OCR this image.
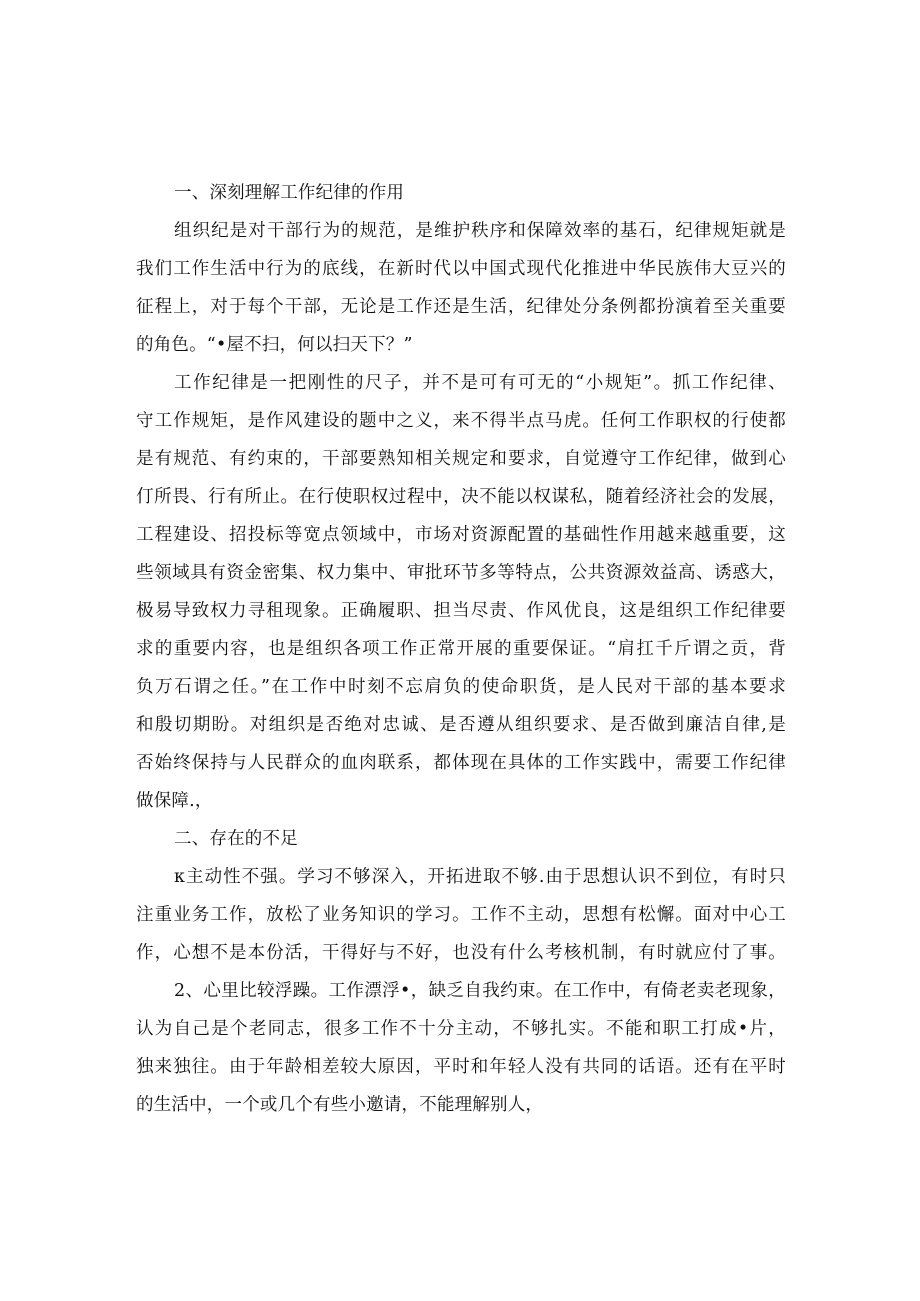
一、深刻理解工作纪律的作用
组织纪是对干部行为的规范，是维护秩序和保障效率的基石，纪律规矩就是
我们工作生活中行为的底线，在新时代以中国式现代化推进中华民族伟大豆兴的
征程上，对于每个干部，无论是工作还是生活，纪律处分条例都扮演着至关重要
的角色。“•屋不扫，何以扫天下？”
工作纪律是一把刚性的尺子，并不是可有可无的“小规矩”。抓工作纪律、
守工作规矩，是作风建设的题中之义，来不得半点马虎。任何工作职权的行使都
是有规范、有约束的，干部要熟知相关规定和要求，自觉遵守工作纪律，做到心
仃所畏、行有所止。在行使职权过程中，决不能以权谋私，随着经济社会的发展，
工程建设、招投标等宽点领域中，市场对资源配置的基础性作用越来越重要，这
些领域具有资金密集、权力集中、审批环节多等特点，公共资源效益高、诱惑大，
极易导致权力寻租现象。正确履职、担当尽责、作风优良，这是组织工作纪律要
求的重要内容，也是组织各项工作正常开展的重要保证。“肩扛千斤谓之贡，背
负万石谓之任。”在工作中时刻不忘肩负的使命职货，是人民对干部的基本要求
和殷切期盼。对组织是否绝对忠诚、是否遵从组织要求、是否做到廉洁自律,是
否始终保持与人民群众的血肉联系，都体现在具体的工作实践中，需要工作纪律
做保障.，
二、存在的不足
κ主动性不强。学习不够深入，开拓进取不够.由于思想认识不到位，有时只
注重业务工作，放松了业务知识的学习。工作不主动，思想有松懈。面对中心工
作，心想不是本份活，干得好与不好，也没有什么考核机制，有时就应付了事。
2、心里比较浮躁。工作漂浮•，缺乏自我约束。在工作中，有倚老卖老现象，
认为自己是个老同志，很多工作不十分主动，不够扎实。不能和职工打成•片，
独来独往。由于年龄相差较大原因，平时和年轻人没有共同的话语。还有在平时
的生活中，一个或几个有些小邀请，不能理解别人，
